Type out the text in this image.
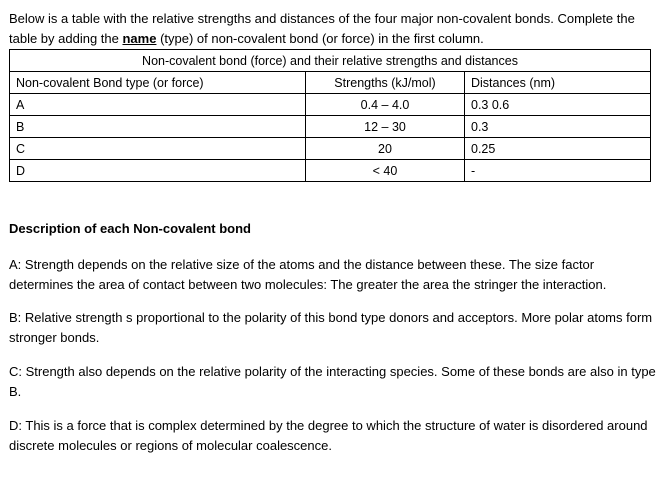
Below is a table with the relative strengths and distances of the four major non-covalent bonds. Complete the table by adding the name (type) of non-covalent bond (or force) in the first column.
Non-covalent bond (force) and their relative strengths and distances		
Non-covalent Bond type (or force)	Strengths (kJ/mol)	Distances (nm)
A	0.4 – 4.0	0.3 0.6
B	12 – 30	0.3
C	20	0.25
D	< 40	-
Description of each Non-covalent bond
A: Strength depends on the relative size of the atoms and the distance between these. The size factor determines the area of contact between two molecules: The greater the area the stringer the interaction.
B: Relative strength s proportional to the polarity of this bond type donors and acceptors. More polar atoms form stronger bonds.
C: Strength also depends on the relative polarity of the interacting species. Some of these bonds are also in type B.
D: This is a force that is complex determined by the degree to which the structure of water is disordered around discrete molecules or regions of molecular coalescence.
